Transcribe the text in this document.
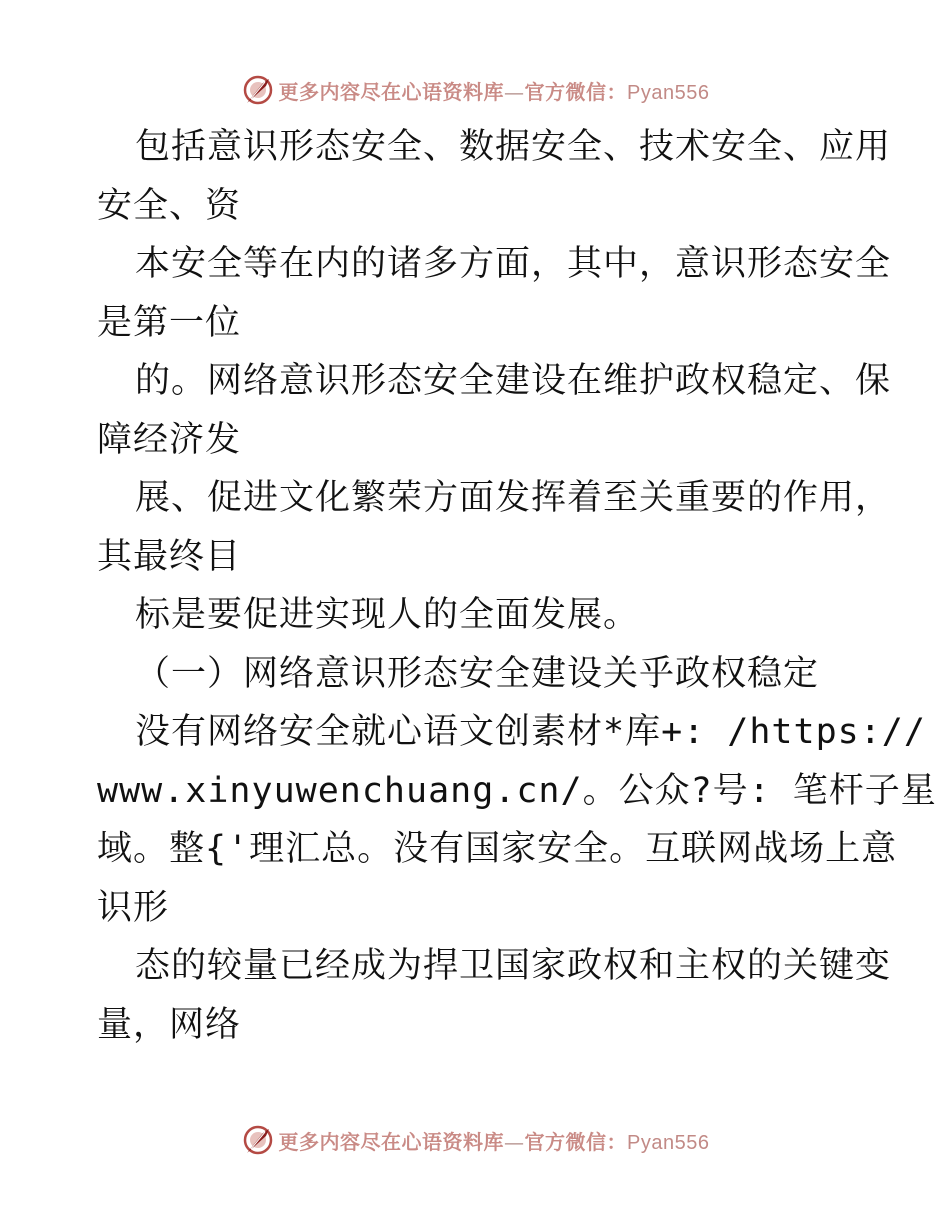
更多内容尽在心语资料库—官方微信：Pyan556
包括意识形态安全、数据安全、技术安全、应用
安全、资
本安全等在内的诸多方面，其中，意识形态安全
是第一位
的。网络意识形态安全建设在维护政权稳定、保
障经济发
展、促进文化繁荣方面发挥着至关重要的作用，
其最终目
标是要促进实现人的全面发展。
（一）网络意识形态安全建设关乎政权稳定
没有网络安全就心语文创素材*库+: /https://
www.xinyuwenchuang.cn/。公众?号: 笔杆子星
域。整{'理汇总。没有国家安全。互联网战场上意
识形
态的较量已经成为捍卫国家政权和主权的关键变
量，网络
更多内容尽在心语资料库—官方微信：Pyan556
